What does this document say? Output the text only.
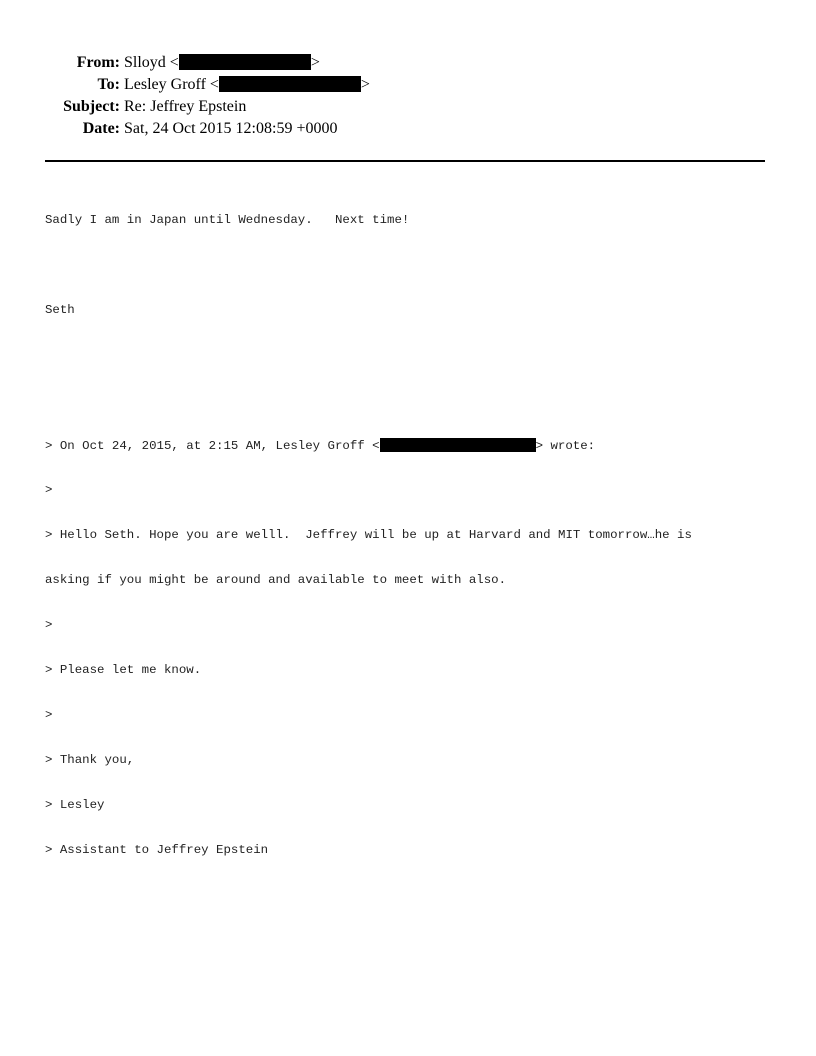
From: Slloyd <	>
To: Lesley Groff <	>
Subject: Re: Jeffrey Epstein
Date: Sat, 24 Oct 2015 12:08:59 +0000

Sadly I am in Japan until Wednesday.   Next time!

Seth

> On Oct 24, 2015, at 2:15 AM, Lesley Groff <	> wrote:

>

> Hello Seth. Hope you are welll.  Jeffrey will be up at Harvard and MIT tomorrow…he is

asking if you might be around and available to meet with also.

>

> Please let me know.

>

> Thank you,

> Lesley

> Assistant to Jeffrey Epstein
